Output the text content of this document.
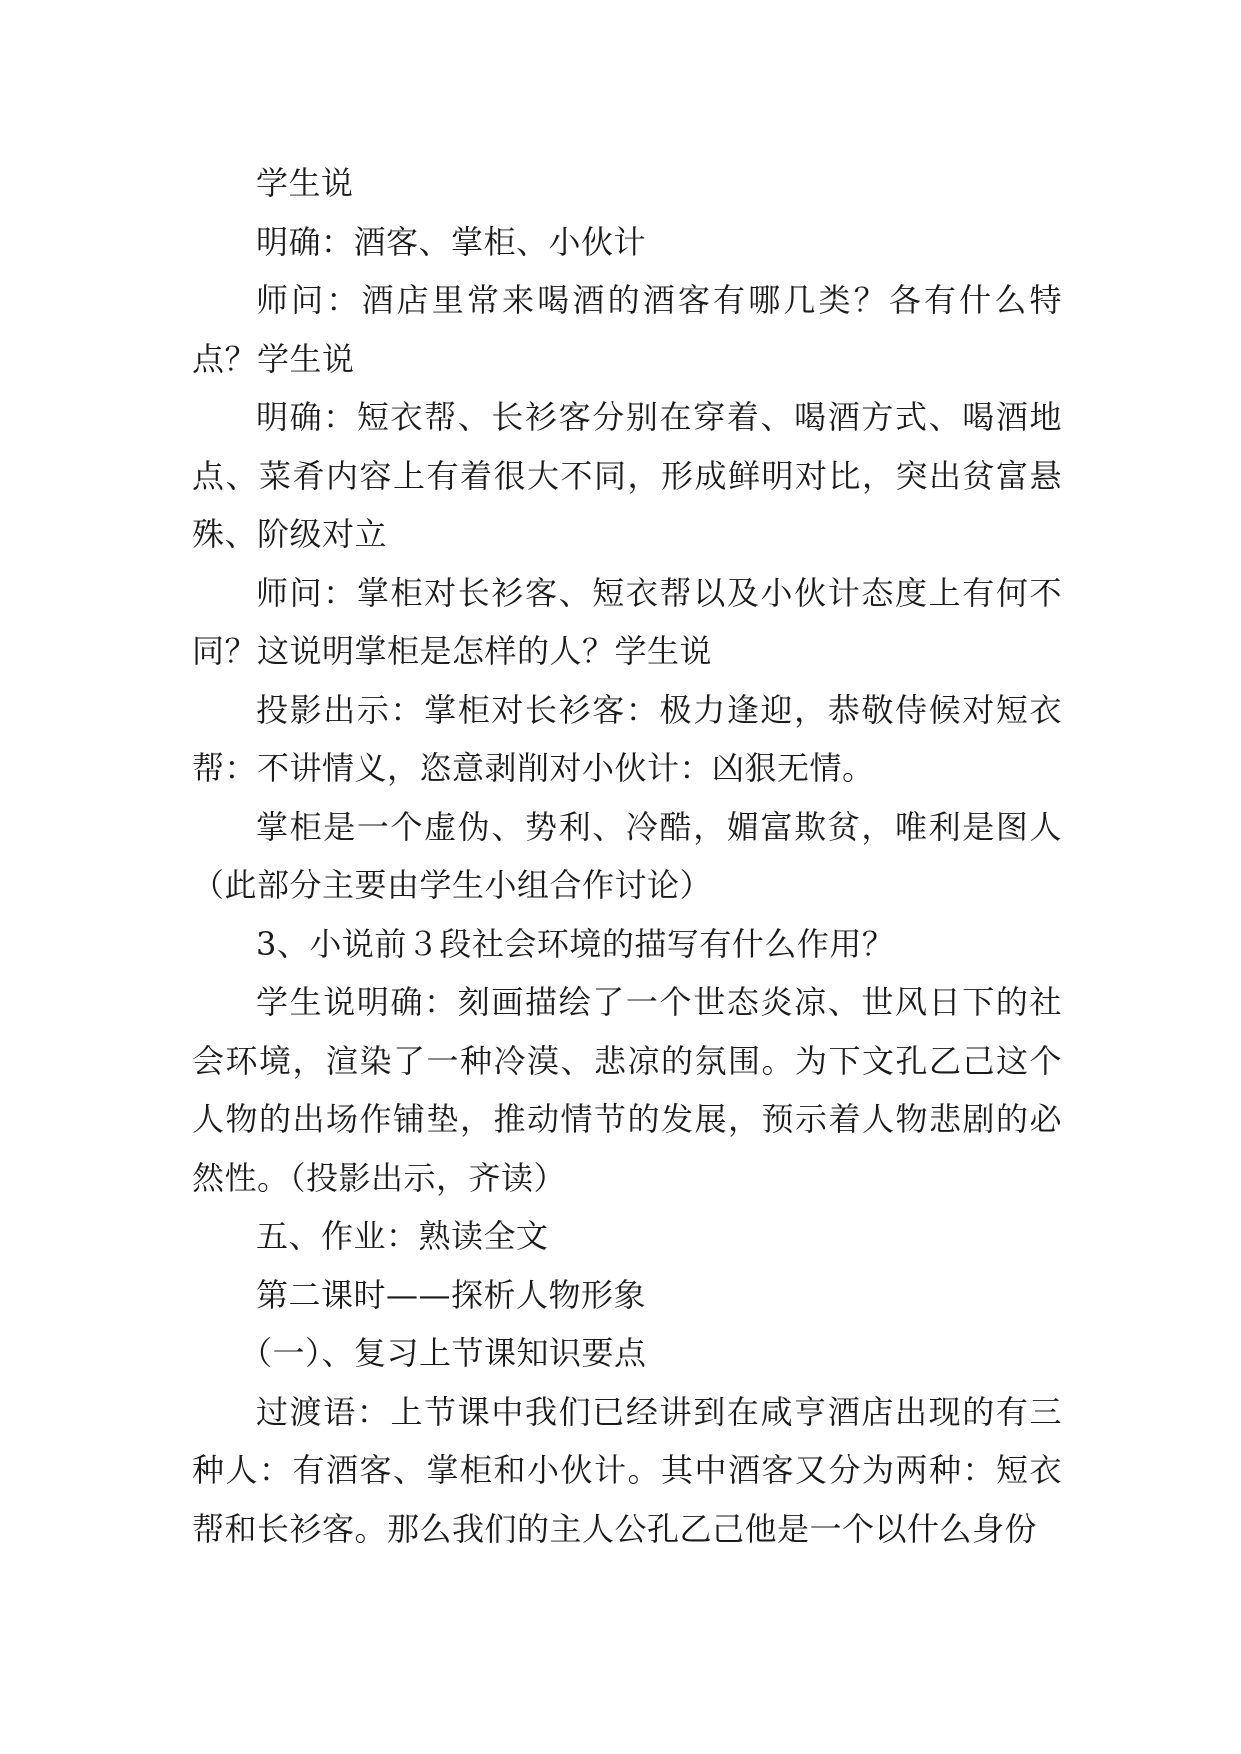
学生说

明确：酒客、掌柜、小伙计

师问：酒店里常来喝酒的酒客有哪几类？各有什么特点？学生说

明确：短衣帮、长衫客分别在穿着、喝酒方式、喝酒地点、菜肴内容上有着很大不同，形成鲜明对比，突出贫富悬殊、阶级对立

师问：掌柜对长衫客、短衣帮以及小伙计态度上有何不同？这说明掌柜是怎样的人？学生说

投影出示：掌柜对长衫客：极力逢迎，恭敬侍候对短衣帮：不讲情义，恣意剥削对小伙计：凶狠无情。

掌柜是一个虚伪、势利、冷酷，媚富欺贫，唯利是图人（此部分主要由学生小组合作讨论）

3、小说前３段社会环境的描写有什么作用？

学生说明确：刻画描绘了一个世态炎凉、世风日下的社会环境，渲染了一种冷漠、悲凉的氛围。为下文孔乙己这个人物的出场作铺垫，推动情节的发展，预示着人物悲剧的必然性。（投影出示，齐读）

五、作业：熟读全文

第二课时——探析人物形象

（一）、复习上节课知识要点

过渡语：上节课中我们已经讲到在咸亨酒店出现的有三种人：有酒客、掌柜和小伙计。其中酒客又分为两种：短衣帮和长衫客。那么我们的主人公孔乙己他是一个以什么身份
